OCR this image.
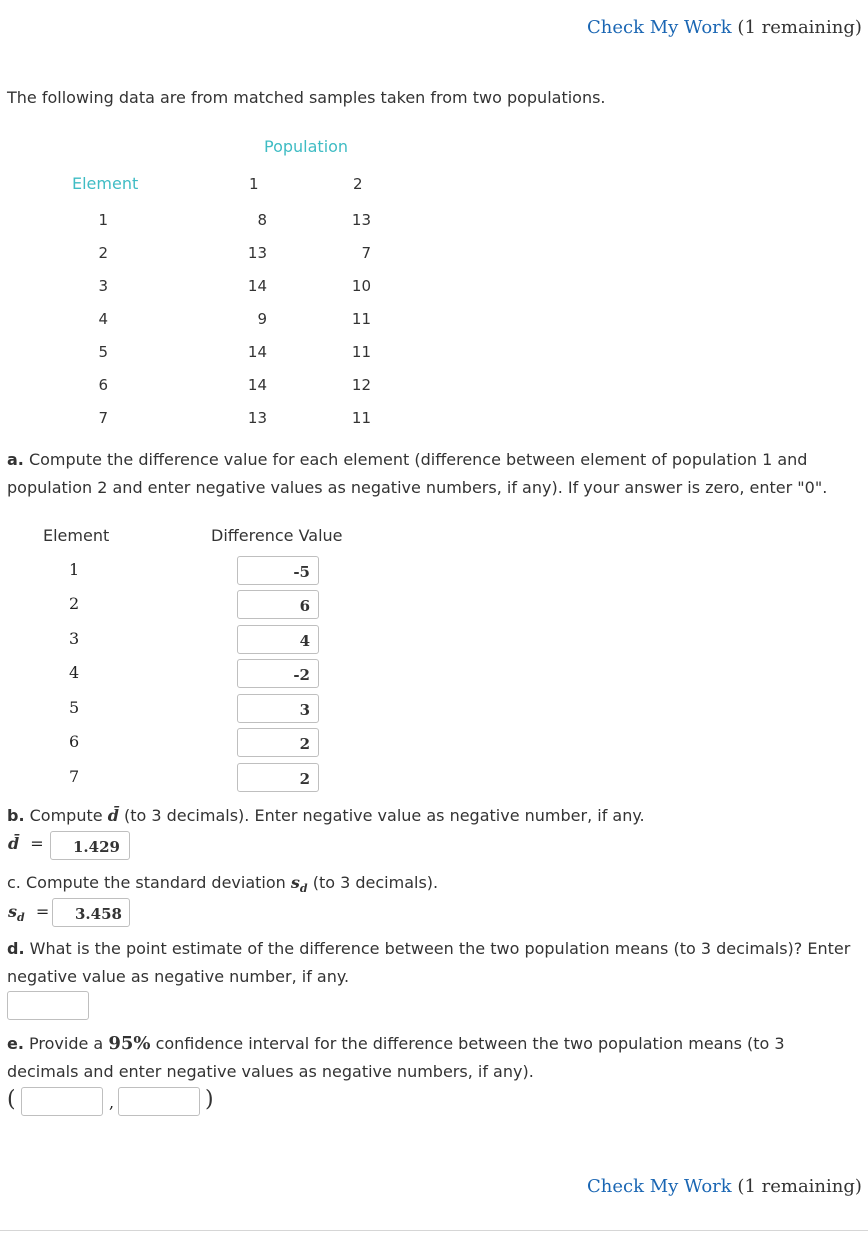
Check My Work (1 remaining)
The following data are from matched samples taken from two populations.
Population
Element	1	2
1	8	13
2	13	7
3	14	10
4	9	11
5	14	11
6	14	12
7	13	11
a. Compute the difference value for each element (difference between element of population 1 and population 2 and enter negative values as negative numbers, if any). If your answer is zero, enter "0".
Element	Difference Value
1	-5
2	6
3	4
4	-2
5	3
6	2
7	2
b. Compute d̄ (to 3 decimals). Enter negative value as negative number, if any.
d̄ =	1.429
c. Compute the standard deviation $s_d$ (to 3 decimals).
$s_d$ =	3.458
d. What is the point estimate of the difference between the two population means (to 3 decimals)? Enter negative value as negative number, if any.
e. Provide a 95% confidence interval for the difference between the two population means (to 3 decimals and enter negative values as negative numbers, if any).
(	,	)
Check My Work (1 remaining)
